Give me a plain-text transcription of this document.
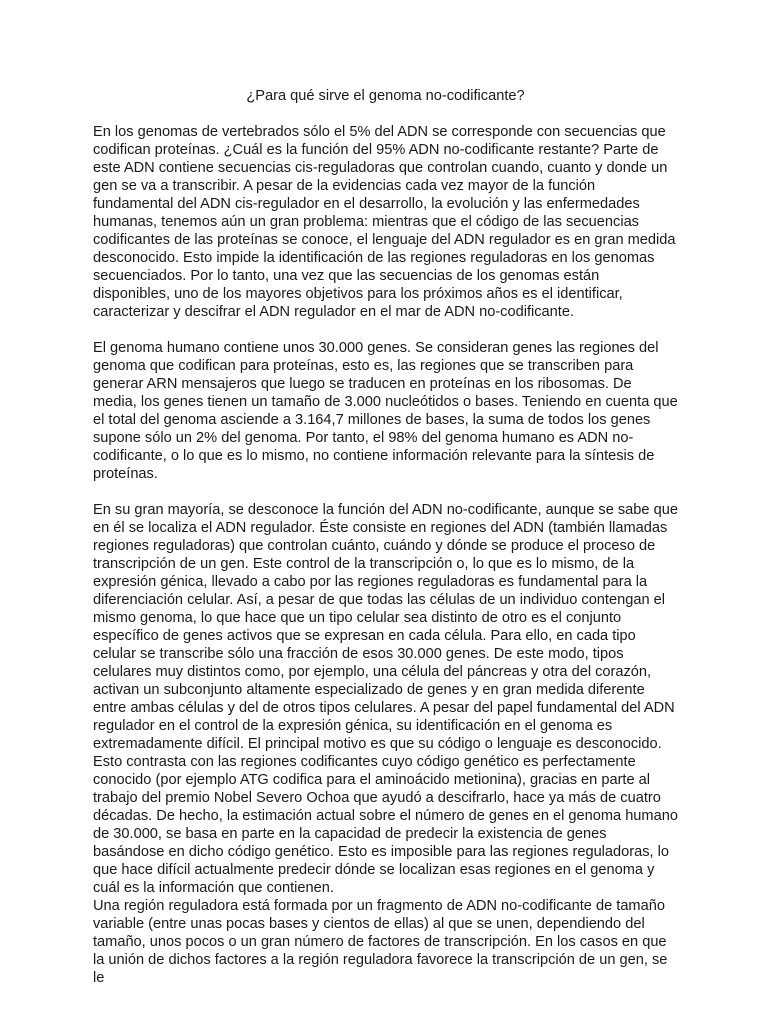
¿Para qué sirve el genoma no-codificante?

En los genomas de vertebrados sólo el 5% del ADN se corresponde con secuencias que codifican proteínas. ¿Cuál es la función del 95% ADN no-codificante restante? Parte de este ADN contiene secuencias cis-reguladoras que controlan cuando, cuanto y donde un gen se va a transcribir. A pesar de la evidencias cada vez mayor de la función fundamental del ADN cis-regulador en el desarrollo, la evolución y las enfermedades humanas, tenemos aún un gran problema: mientras que el código de las secuencias codificantes de las proteínas se conoce, el lenguaje del ADN regulador es en gran medida desconocido. Esto impide la identificación de las regiones reguladoras en los genomas secuenciados. Por lo tanto, una vez que las secuencias de los genomas están disponibles, uno de los mayores objetivos para los próximos años es el identificar, caracterizar y descifrar el ADN regulador en el mar de ADN no-codificante.

El genoma humano contiene unos 30.000 genes. Se consideran genes las regiones del genoma que codifican para proteínas, esto es, las regiones que se transcriben para generar ARN mensajeros que luego se traducen en proteínas en los ribosomas. De media, los genes tienen un tamaño de 3.000 nucleótidos o bases. Teniendo en cuenta que el total del genoma asciende a 3.164,7 millones de bases, la suma de todos los genes supone sólo un 2% del genoma. Por tanto, el 98% del genoma humano es ADN no-codificante, o lo que es lo mismo, no contiene información relevante para la síntesis de proteínas.

En su gran mayoría, se desconoce la función del ADN no-codificante, aunque se sabe que en él se localiza el ADN regulador. Éste consiste en regiones del ADN (también llamadas regiones reguladoras) que controlan cuánto, cuándo y dónde se produce el proceso de transcripción de un gen. Este control de la transcripción o, lo que es lo mismo, de la expresión génica, llevado a cabo por las regiones reguladoras es fundamental para la diferenciación celular. Así, a pesar de que todas las células de un individuo contengan el mismo genoma, lo que hace que un tipo celular sea distinto de otro es el conjunto específico de genes activos que se expresan en cada célula. Para ello, en cada tipo celular se transcribe sólo una fracción de esos 30.000 genes. De este modo, tipos celulares muy distintos como, por ejemplo, una célula del páncreas y otra del corazón, activan un subconjunto altamente especializado de genes y en gran medida diferente entre ambas células y del de otros tipos celulares. A pesar del papel fundamental del ADN regulador en el control de la expresión génica, su identificación en el genoma es extremadamente difícil. El principal motivo es que su código o lenguaje es desconocido. Esto contrasta con las regiones codificantes cuyo código genético es perfectamente conocido (por ejemplo ATG codifica para el aminoácido metionina), gracias en parte al trabajo del premio Nobel Severo Ochoa que ayudó a descifrarlo, hace ya más de cuatro décadas. De hecho, la estimación actual sobre el número de genes en el genoma humano de 30.000, se basa en parte en la capacidad de predecir la existencia de genes basándose en dicho código genético. Esto es imposible para las regiones reguladoras, lo que hace difícil actualmente predecir dónde se localizan esas regiones en el genoma y cuál es la información que contienen.

Una región reguladora está formada por un fragmento de ADN no-codificante de tamaño variable (entre unas pocas bases y cientos de ellas) al que se unen, dependiendo del tamaño, unos pocos o un gran número de factores de transcripción. En los casos en que la unión de dichos factores a la región reguladora favorece la transcripción de un gen, se le
